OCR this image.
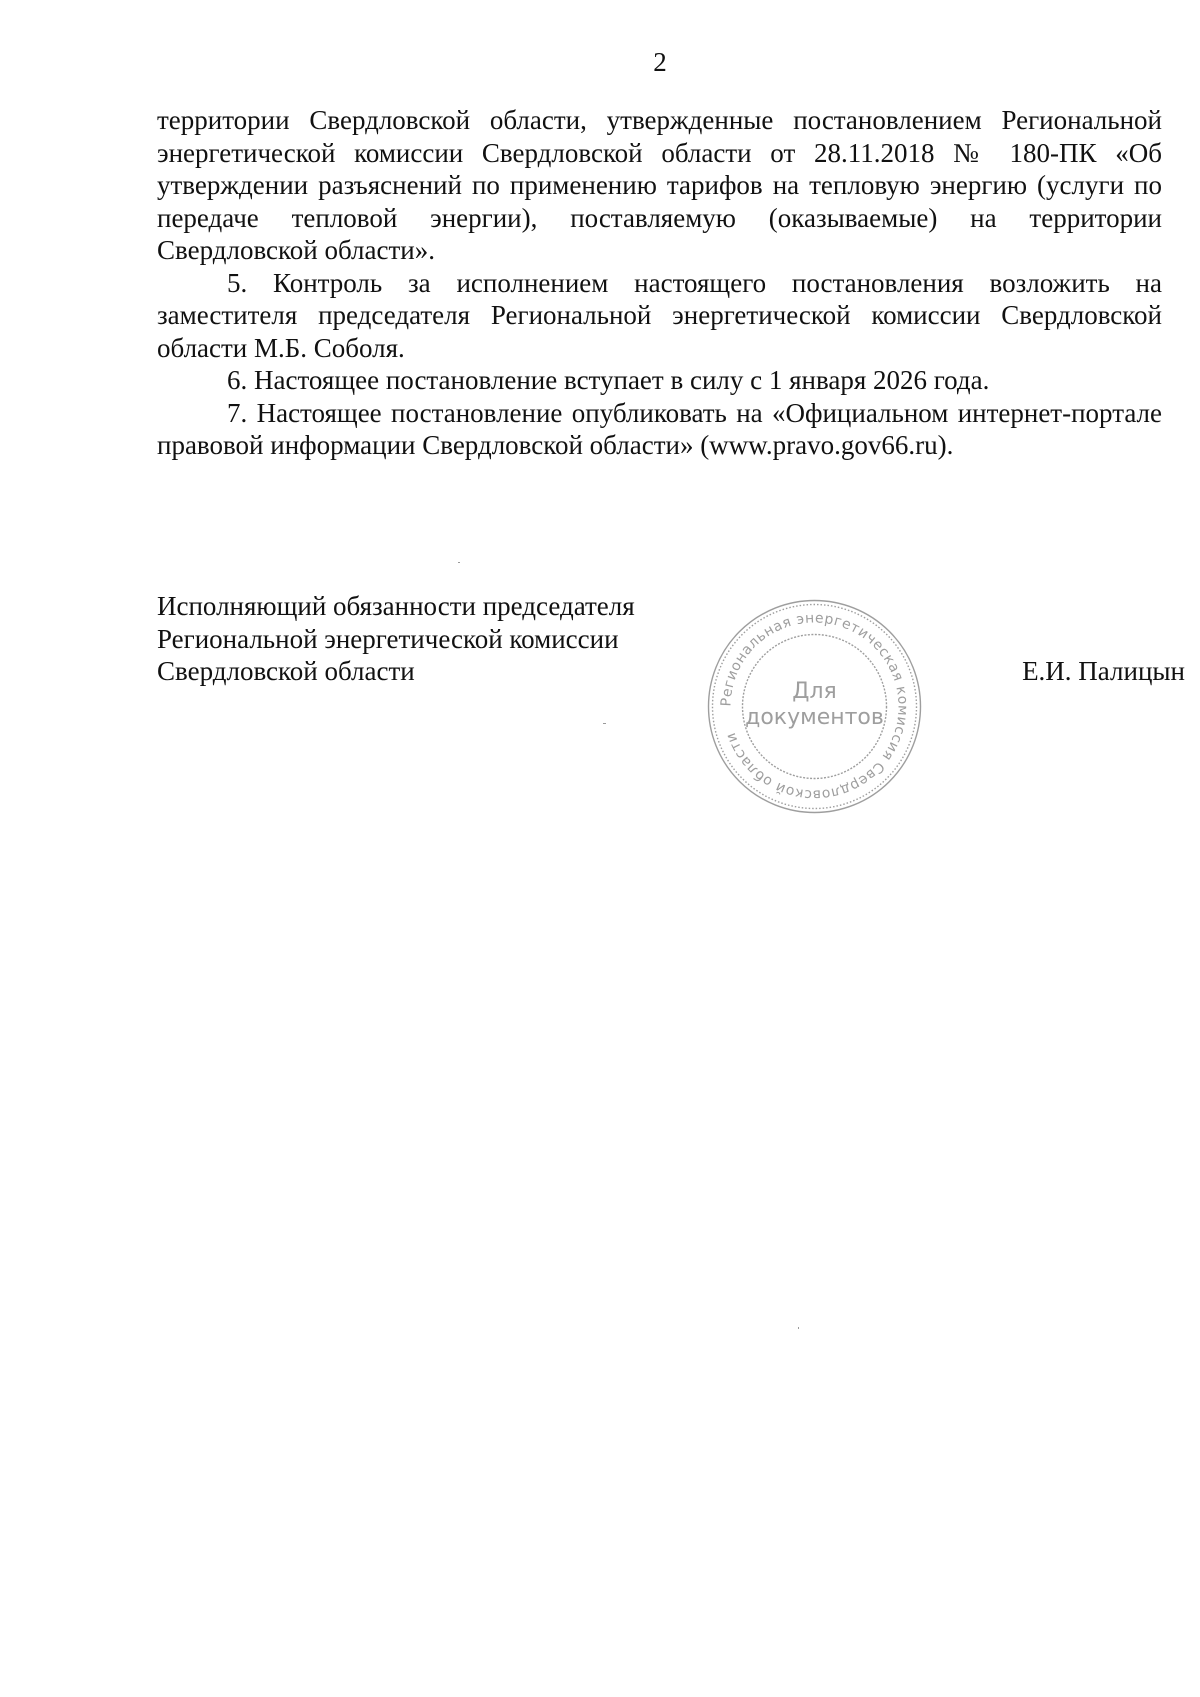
2

территории Свердловской области, утвержденные постановлением Региональной энергетической комиссии Свердловской области от 28.11.2018 № 180-ПК «Об утверждении разъяснений по применению тарифов на тепловую энергию (услуги по передаче тепловой энергии), поставляемую (оказываемые) на территории Свердловской области».

5. Контроль за исполнением настоящего постановления возложить на заместителя председателя Региональной энергетической комиссии Свердловской области М.Б. Соболя.

6. Настоящее постановление вступает в силу с 1 января 2026 года.

7. Настоящее постановление опубликовать на «Официальном интернет-портале правовой информации Свердловской области» (www.pravo.gov66.ru).

Исполняющий обязанности председателя
Региональной энергетической комиссии
Свердловской области	Е.И. Палицын
Региональная энергетическая комиссия Свердловской области
Для
документов
